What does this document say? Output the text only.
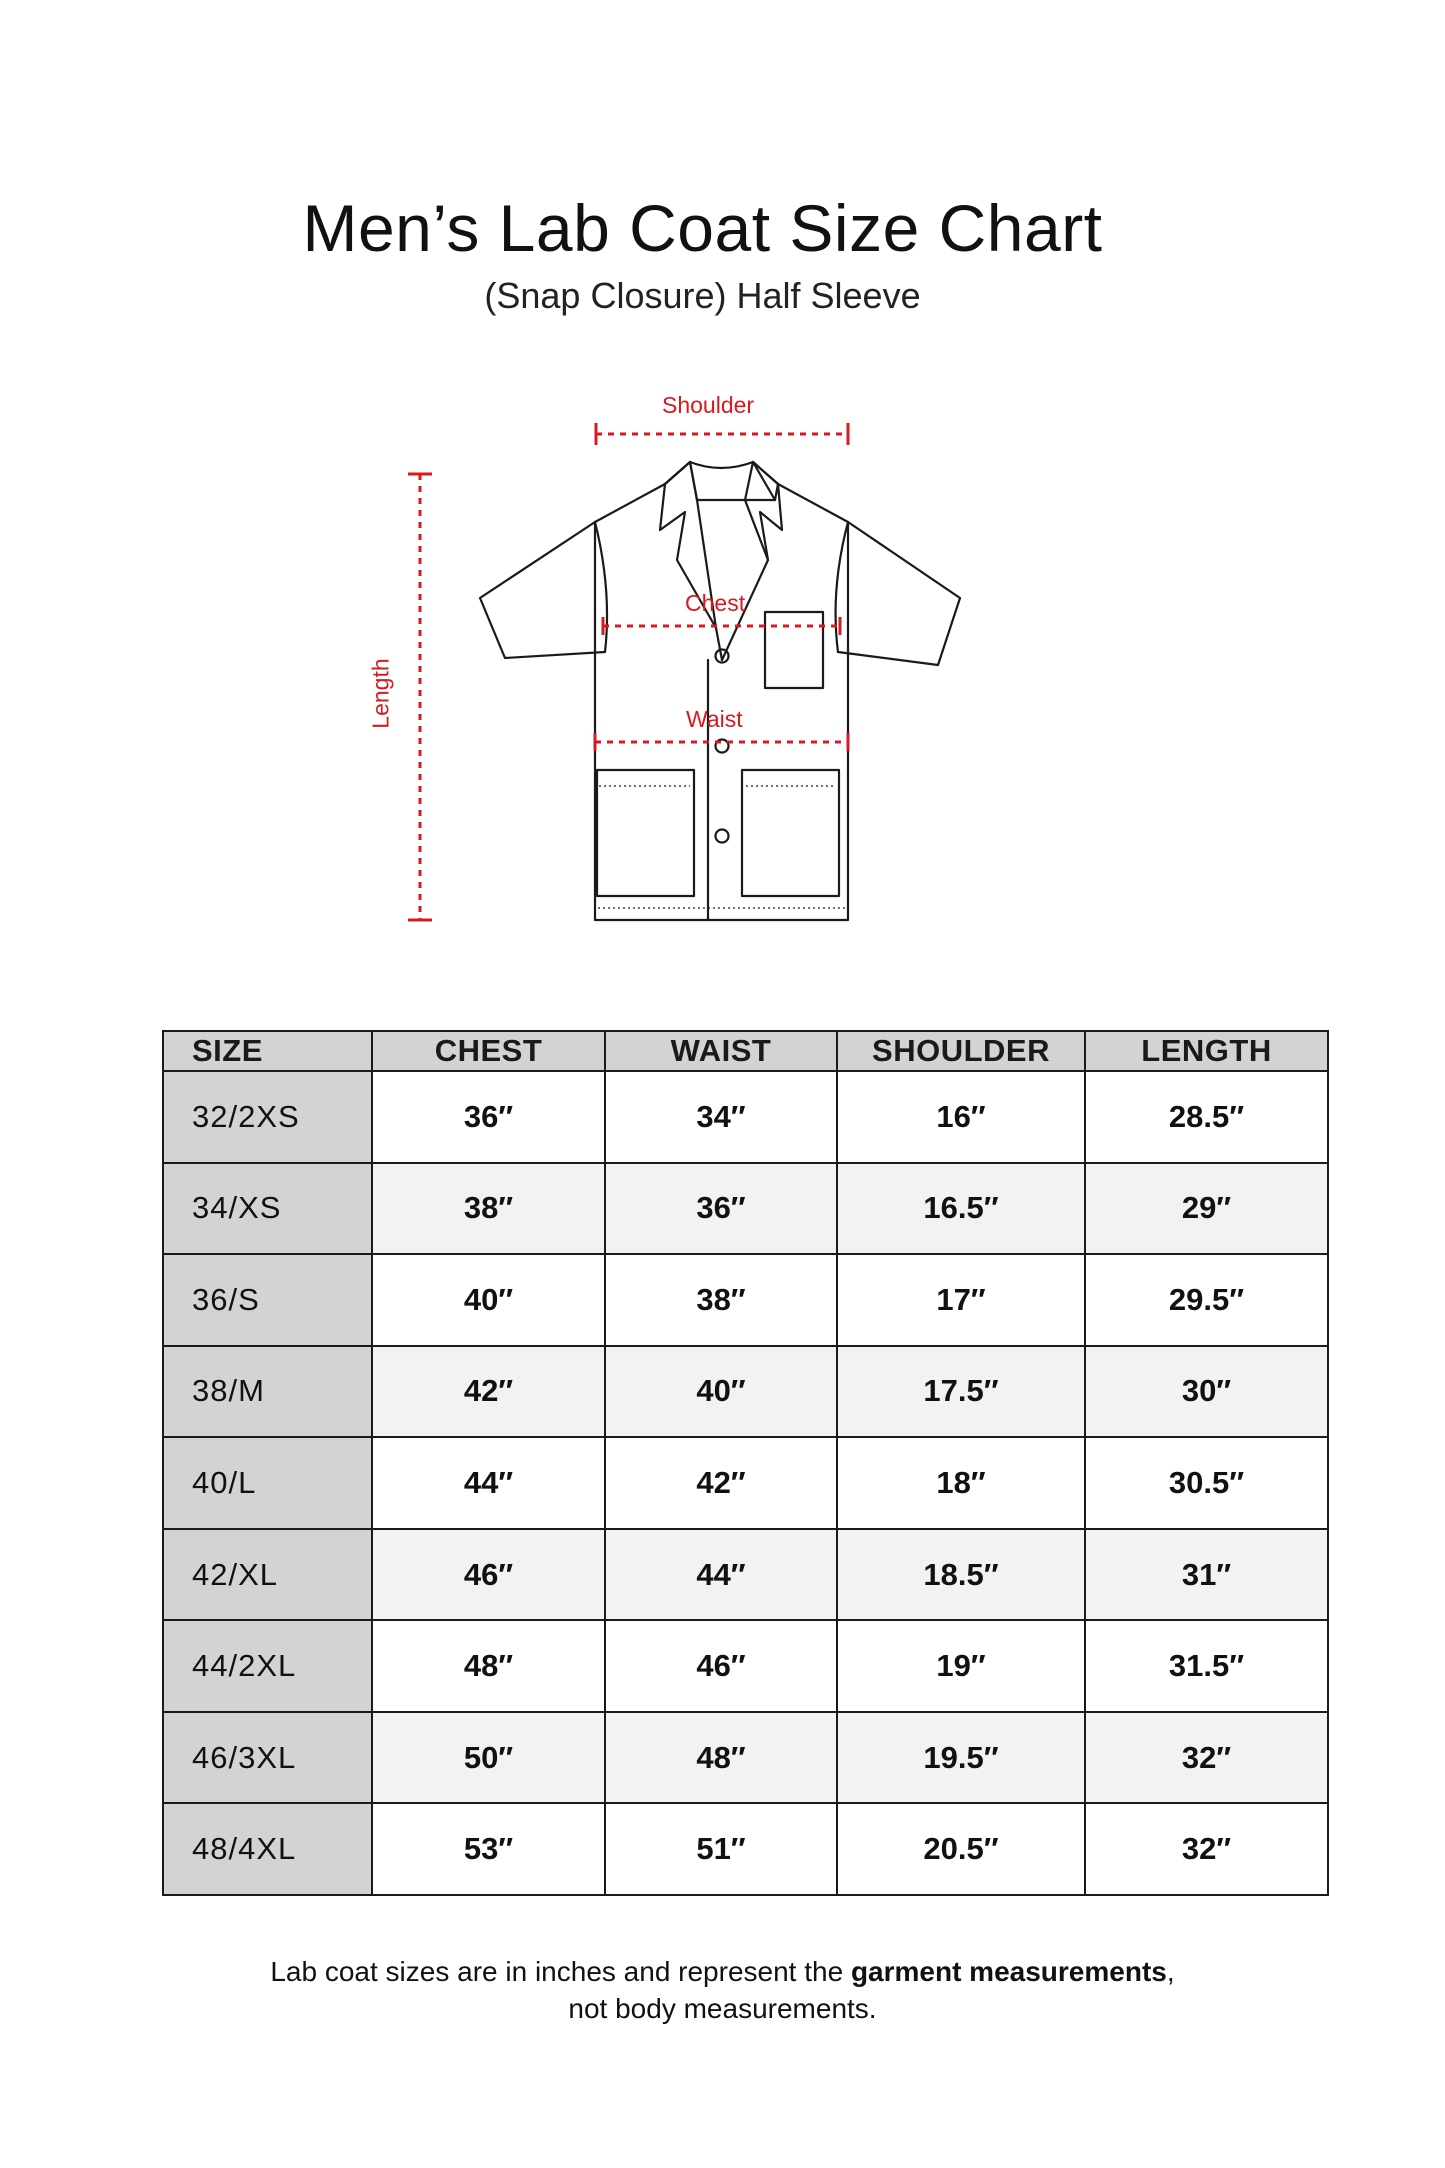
Men’s Lab Coat Size Chart
(Snap Closure) Half Sleeve
Shoulder
Chest
Waist
Length
SIZE	CHEST	WAIST	SHOULDER	LENGTH
32/2XS	36″	34″	16″	28.5″
34/XS	38″	36″	16.5″	29″
36/S	40″	38″	17″	29.5″
38/M	42″	40″	17.5″	30″
40/L	44″	42″	18″	30.5″
42/XL	46″	44″	18.5″	31″
44/2XL	48″	46″	19″	31.5″
46/3XL	50″	48″	19.5″	32″
48/4XL	53″	51″	20.5″	32″
Lab coat sizes are in inches and represent the garment measurements,
not body measurements.
